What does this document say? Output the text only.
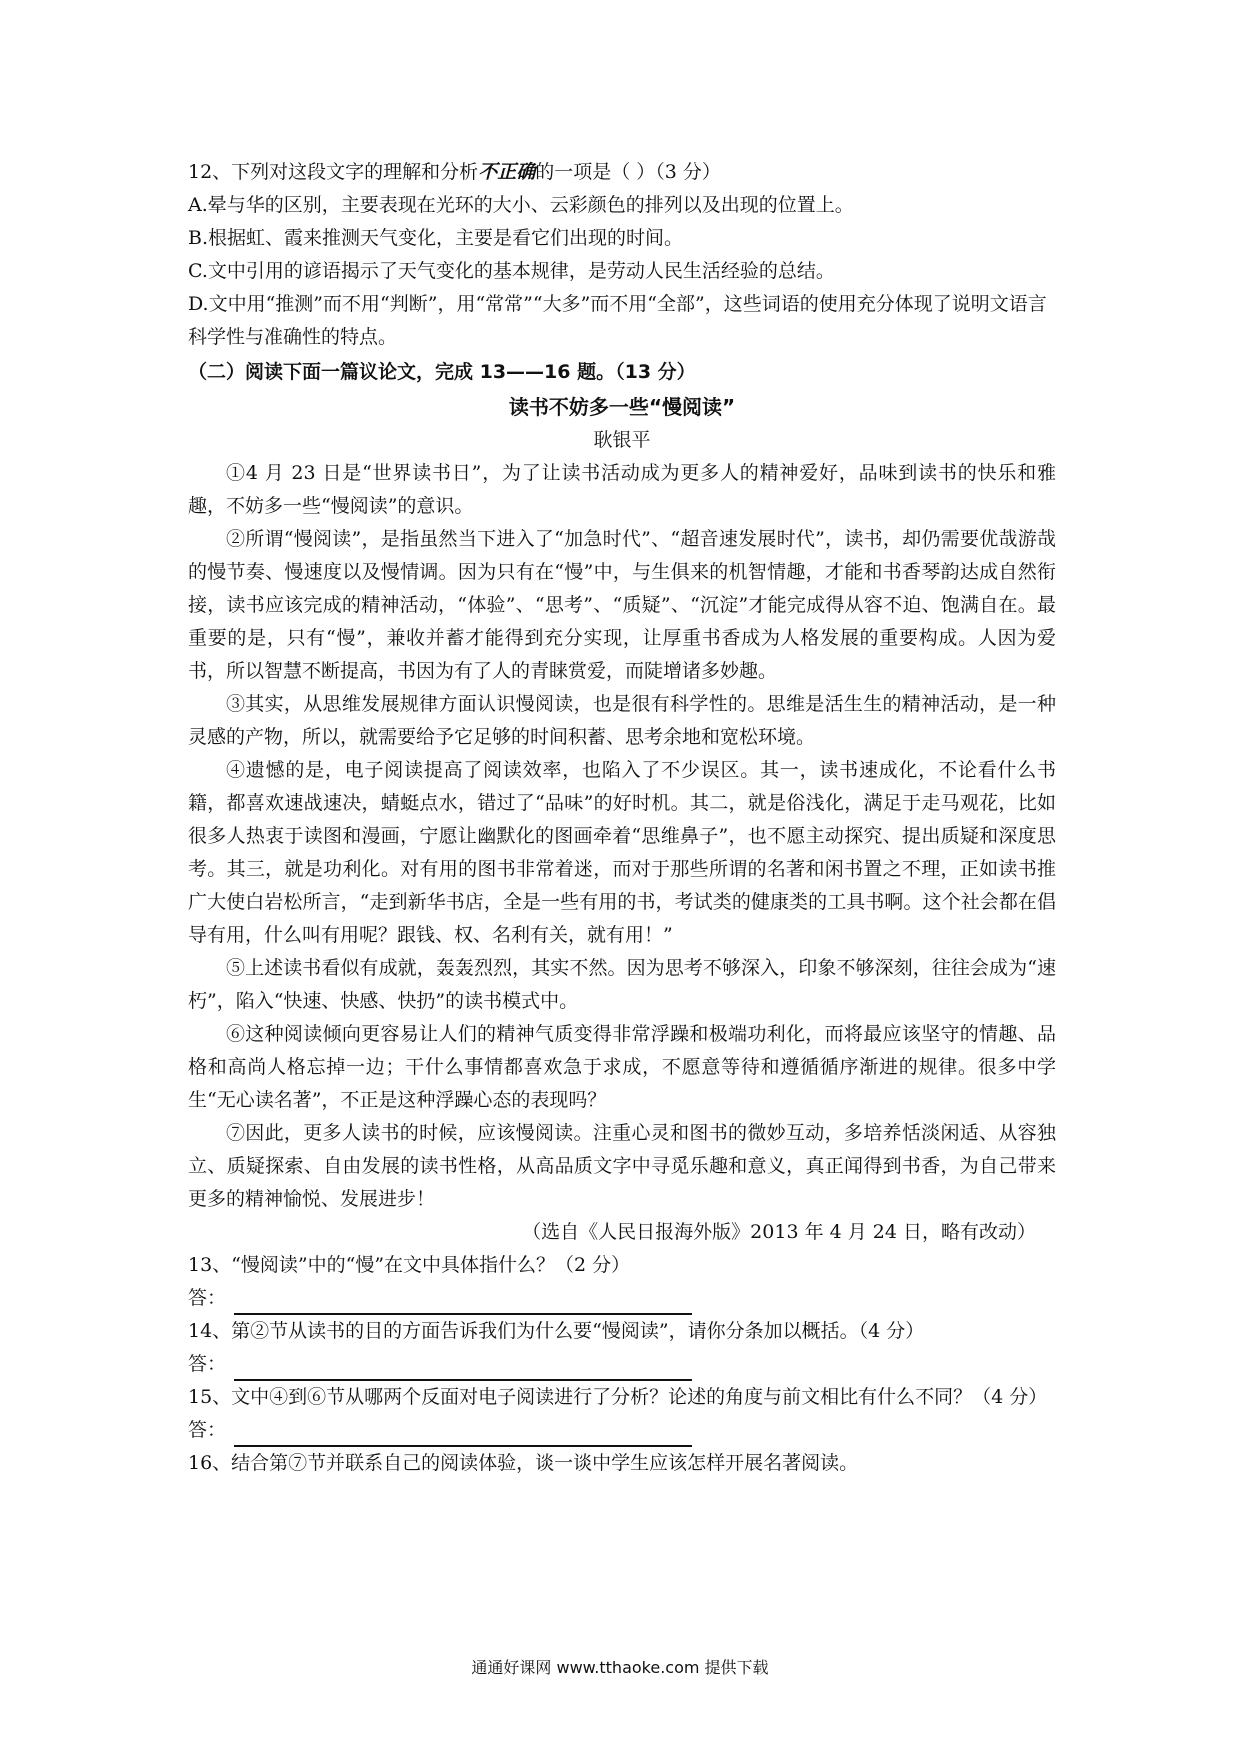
12、下列对这段文字的理解和分析不正确的一项是（ ）（3 分）

A.晕与华的区别，主要表现在光环的大小、云彩颜色的排列以及出现的位置上。

B.根据虹、霞来推测天气变化，主要是看它们出现的时间。

C.文中引用的谚语揭示了天气变化的基本规律，是劳动人民生活经验的总结。

D.文中用“推测”而不用“判断”，用“常常”“大多”而不用“全部”，这些词语的使用充分体现了说明文语言科学性与准确性的特点。

（二）阅读下面一篇议论文，完成 13——16 题。（13 分）

读书不妨多一些“慢阅读”

耿银平

①4 月 23 日是“世界读书日”，为了让读书活动成为更多人的精神爱好，品味到读书的快乐和雅趣，不妨多一些“慢阅读”的意识。

②所谓“慢阅读”，是指虽然当下进入了“加急时代”、“超音速发展时代”，读书，却仍需要优哉游哉的慢节奏、慢速度以及慢情调。因为只有在“慢”中，与生俱来的机智情趣，才能和书香琴韵达成自然衔接，读书应该完成的精神活动，“体验”、“思考”、“质疑”、“沉淀”才能完成得从容不迫、饱满自在。最重要的是，只有“慢”，兼收并蓄才能得到充分实现，让厚重书香成为人格发展的重要构成。人因为爱书，所以智慧不断提高，书因为有了人的青睐赏爱，而陡增诸多妙趣。

③其实，从思维发展规律方面认识慢阅读，也是很有科学性的。思维是活生生的精神活动，是一种灵感的产物，所以，就需要给予它足够的时间积蓄、思考余地和宽松环境。

④遗憾的是，电子阅读提高了阅读效率，也陷入了不少误区。其一，读书速成化，不论看什么书籍，都喜欢速战速决，蜻蜓点水，错过了“品味”的好时机。其二，就是俗浅化，满足于走马观花，比如很多人热衷于读图和漫画，宁愿让幽默化的图画牵着“思维鼻子”，也不愿主动探究、提出质疑和深度思考。其三，就是功利化。对有用的图书非常着迷，而对于那些所谓的名著和闲书置之不理，正如读书推广大使白岩松所言，“走到新华书店，全是一些有用的书，考试类的健康类的工具书啊。这个社会都在倡导有用，什么叫有用呢？跟钱、权、名利有关，就有用！”

⑤上述读书看似有成就，轰轰烈烈，其实不然。因为思考不够深入，印象不够深刻，往往会成为“速朽”，陷入“快速、快感、快扔”的读书模式中。

⑥这种阅读倾向更容易让人们的精神气质变得非常浮躁和极端功利化，而将最应该坚守的情趣、品格和高尚人格忘掉一边；干什么事情都喜欢急于求成，不愿意等待和遵循循序渐进的规律。很多中学生“无心读名著”，不正是这种浮躁心态的表现吗？

⑦因此，更多人读书的时候，应该慢阅读。注重心灵和图书的微妙互动，多培养恬淡闲适、从容独立、质疑探索、自由发展的读书性格，从高品质文字中寻觅乐趣和意义，真正闻得到书香，为自己带来更多的精神愉悦、发展进步！

（选自《人民日报海外版》2013 年 4 月 24 日，略有改动）

13、“慢阅读”中的“慢”在文中具体指什么？（2 分）

答：

14、第②节从读书的目的方面告诉我们为什么要“慢阅读”，请你分条加以概括。（4 分）

答：

15、文中④到⑥节从哪两个反面对电子阅读进行了分析？论述的角度与前文相比有什么不同？（4 分）

答：

16、结合第⑦节并联系自己的阅读体验，谈一谈中学生应该怎样开展名著阅读。

通通好课网 www.tthaoke.com 提供下载
